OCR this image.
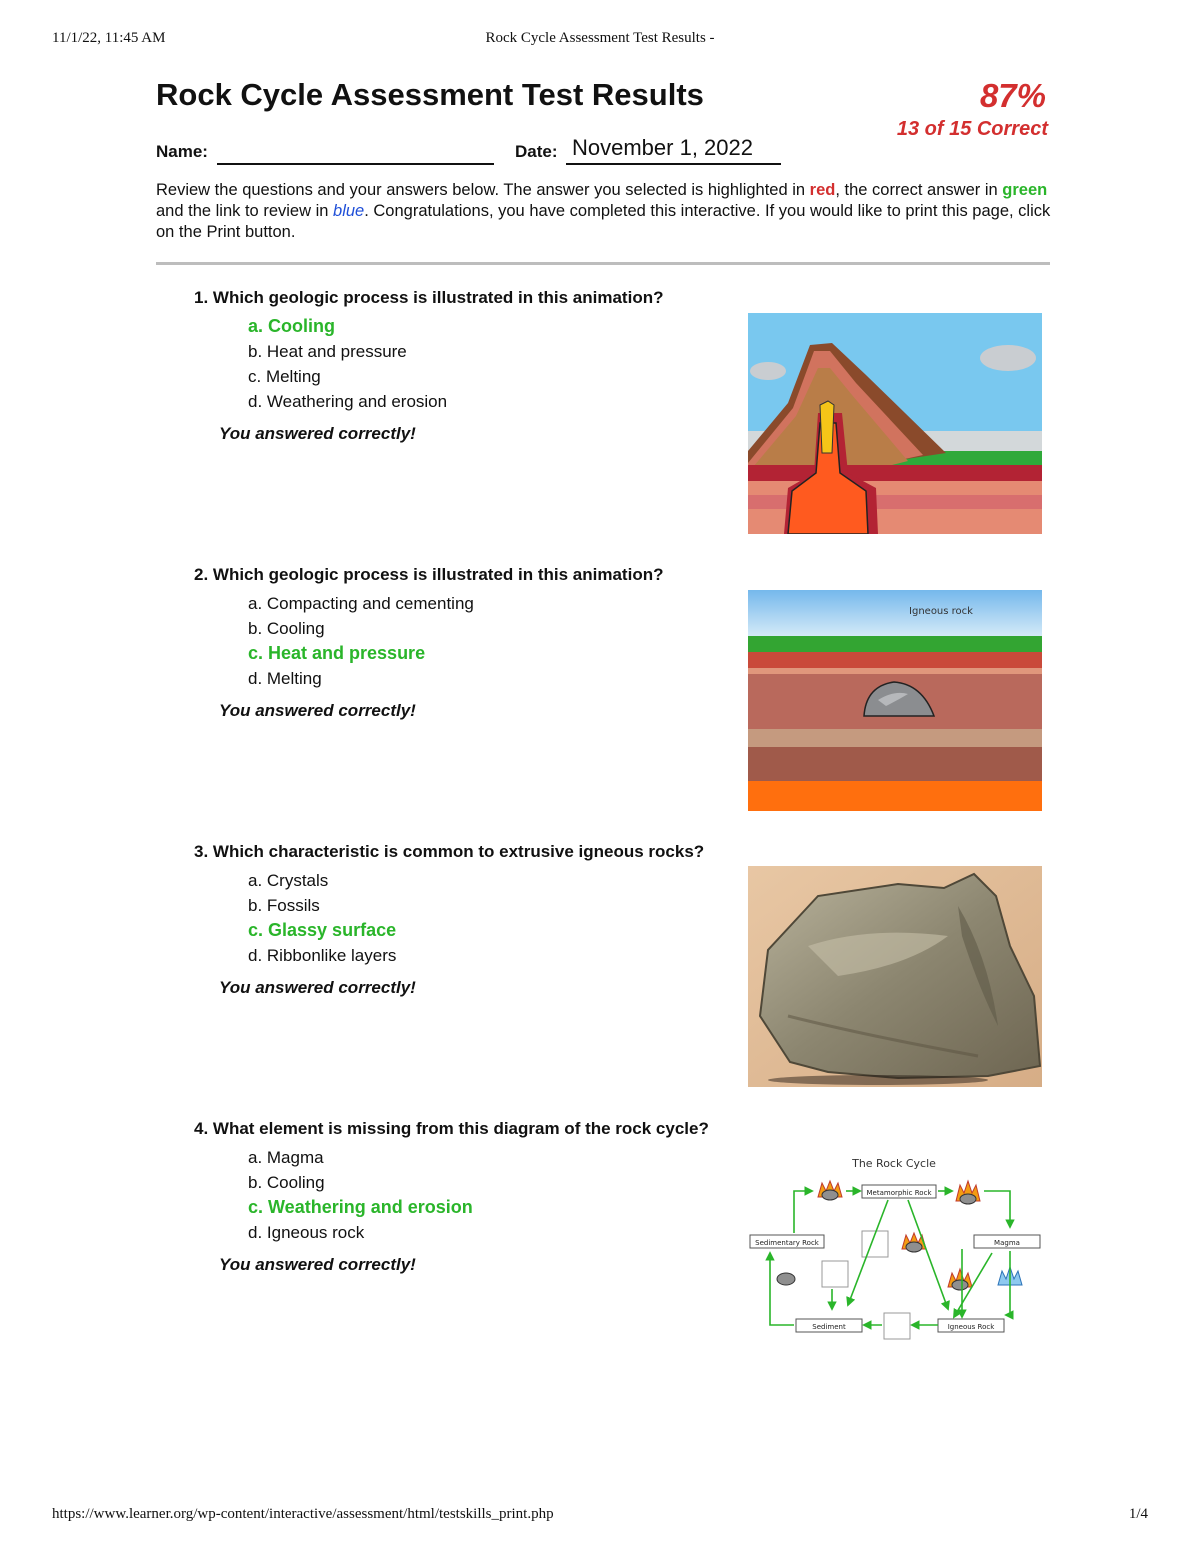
11/1/22, 11:45 AM	Rock Cycle Assessment Test Results -
Rock Cycle Assessment Test Results	87%
13 of 15 Correct
Name:	Date: November 1, 2022
Review the questions and your answers below. The answer you selected is highlighted in red, the correct answer in green and the link to review in blue. Congratulations, you have completed this interactive. If you would like to print this page, click on the Print button.
1. Which geologic process is illustrated in this animation?
a. Cooling
b. Heat and pressure
c. Melting
d. Weathering and erosion
You answered correctly!
2. Which geologic process is illustrated in this animation?
a. Compacting and cementing
b. Cooling
c. Heat and pressure
d. Melting
You answered correctly!
Igneous rock
3. Which characteristic is common to extrusive igneous rocks?
a. Crystals
b. Fossils
c. Glassy surface
d. Ribbonlike layers
You answered correctly!
4. What element is missing from this diagram of the rock cycle?
a. Magma
b. Cooling
c. Weathering and erosion
d. Igneous rock
You answered correctly!
The Rock Cycle
Metamorphic Rock
Sedimentary Rock	Magma
Sediment	Igneous Rock
https://www.learner.org/wp-content/interactive/assessment/html/testskills_print.php	1/4
